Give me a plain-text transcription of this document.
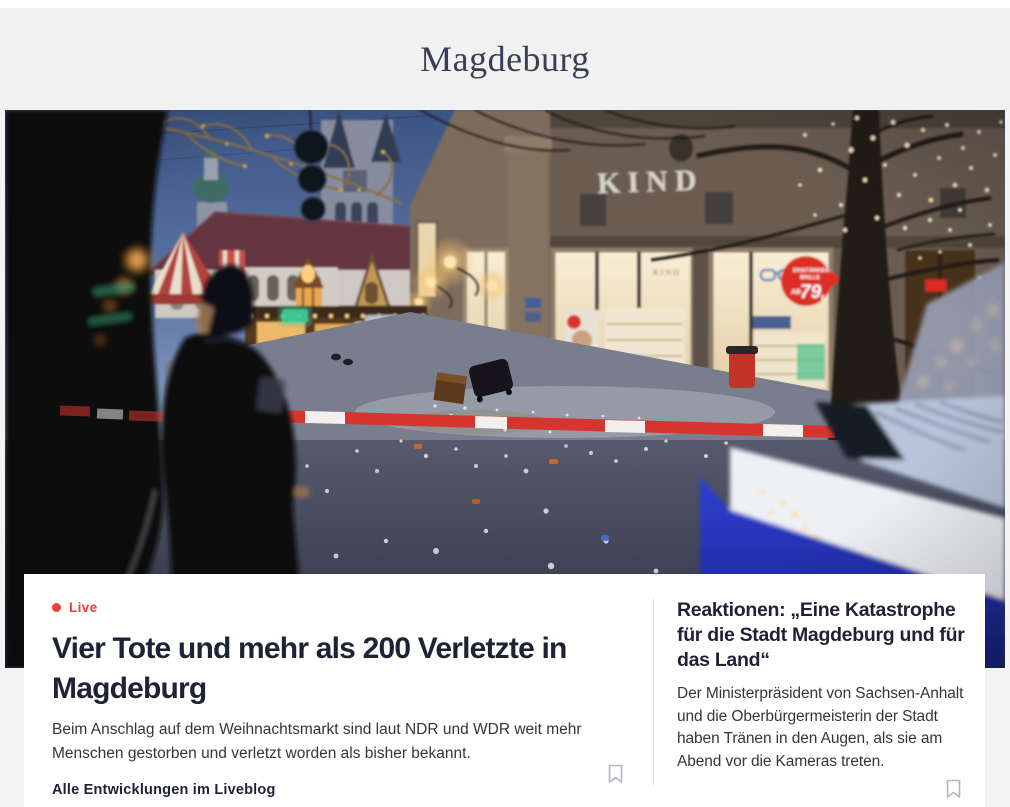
Magdeburg
Live
Vier Tote und mehr als 200 Verletzte in Magdeburg

Beim Anschlag auf dem Weihnachtsmarkt sind laut NDR und WDR weit mehr Menschen gestorben und verletzt worden als bisher bekannt.

Alle Entwicklungen im Liveblog
Reaktionen: „Eine Katastrophe für die Stadt Magdeburg und für das Land“

Der Ministerpräsident von Sachsen-Anhalt und die Oberbürgermeisterin der Stadt haben Tränen in den Augen, als sie am Abend vor die Kameras treten.
